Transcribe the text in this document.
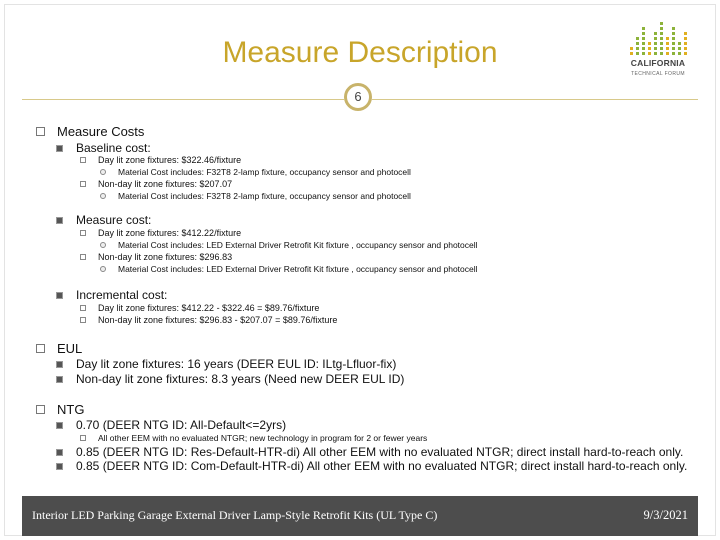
Measure Description
6
CALIFORNIA
TECHNICAL FORUM
Measure Costs
Baseline cost:
Day lit zone fixtures: $322.46/fixture
Material Cost includes: F32T8 2-lamp fixture, occupancy sensor and photocell
Non-day lit zone fixtures: $207.07
Material Cost includes: F32T8 2-lamp fixture, occupancy sensor and photocell
Measure cost:
Day lit zone fixtures: $412.22/fixture
Material Cost includes: LED External Driver Retrofit Kit fixture , occupancy sensor and photocell
Non-day lit zone fixtures: $296.83
Material Cost includes: LED External Driver Retrofit Kit fixture , occupancy sensor and photocell
Incremental cost:
Day lit zone fixtures: $412.22 - $322.46 = $89.76/fixture
Non-day lit zone fixtures: $296.83 - $207.07 = $89.76/fixture
EUL
Day lit zone fixtures: 16 years (DEER EUL ID: ILtg-Lfluor-fix)
Non-day lit zone fixtures: 8.3 years (Need new DEER EUL ID)
NTG
0.70 (DEER NTG ID: All-Default<=2yrs)
All other EEM with no evaluated NTGR; new technology in program for 2 or fewer years
0.85 (DEER NTG ID: Res-Default-HTR-di) All other EEM with no evaluated NTGR; direct install hard-to-reach only.
0.85 (DEER NTG ID: Com-Default-HTR-di) All other EEM with no evaluated NTGR; direct install hard-to-reach only.
Interior LED Parking Garage External Driver Lamp-Style Retrofit Kits (UL Type C)	9/3/2021
